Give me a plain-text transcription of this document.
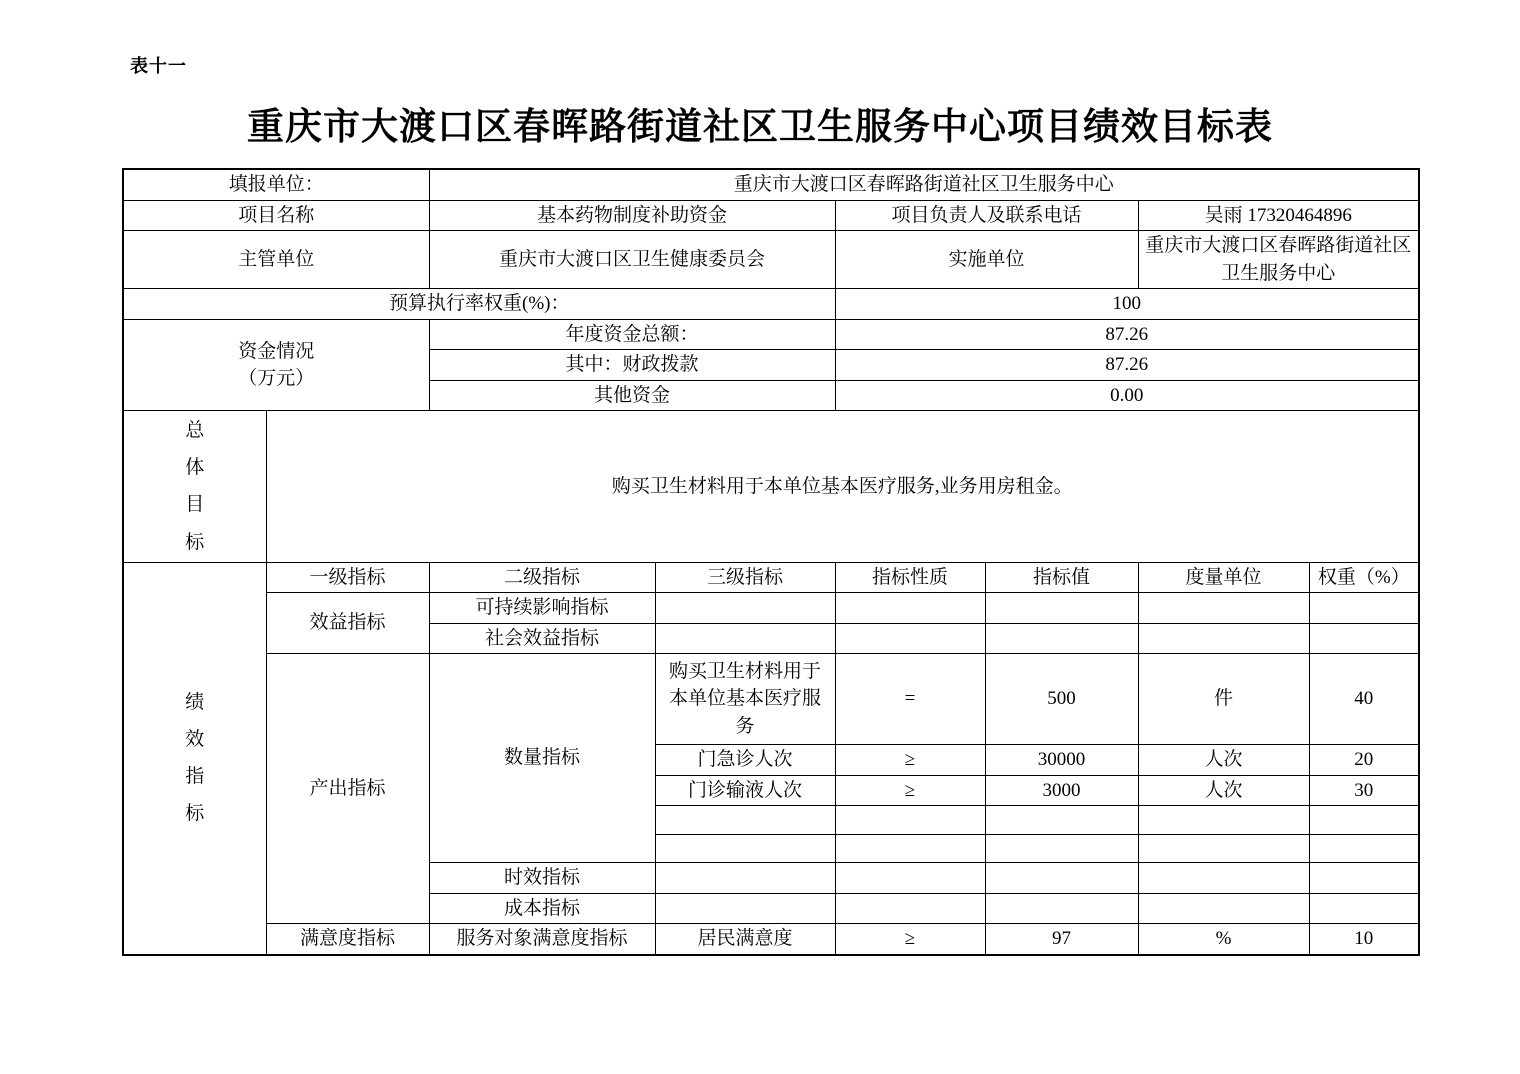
表十一
重庆市大渡口区春晖路街道社区卫生服务中心项目绩效目标表
填报单位：		重庆市大渡口区春晖路街道社区卫生服务中心					
项目名称		基本药物制度补助资金		项目负责人及联系电话		吴雨 17320464896	
主管单位		重庆市大渡口区卫生健康委员会		实施单位		重庆市大渡口区春晖路街道社区卫生服务中心	
预算执行率权重(%)：				100			

资金情况
（万元）		年度资金总额：		87.26			
		其中：财政拨款		87.26			
		其他资金		0.00			

总体目标	购买卫生材料用于本单位基本医疗服务,业务用房租金。						

绩效指标	一级指标	二级指标	三级指标	指标性质	指标值	度量单位	权重（%）
	效益指标	可持续影响指标					
		社会效益指标					
	产出指标	数量指标	购买卫生材料用于本单位基本医疗服务	=	500	件	40
			门急诊人次	≥	30000	人次	20
			门诊输液人次	≥	3000	人次	30

		时效指标					
		成本指标					
	满意度指标	服务对象满意度指标	居民满意度	≥	97	%	10
